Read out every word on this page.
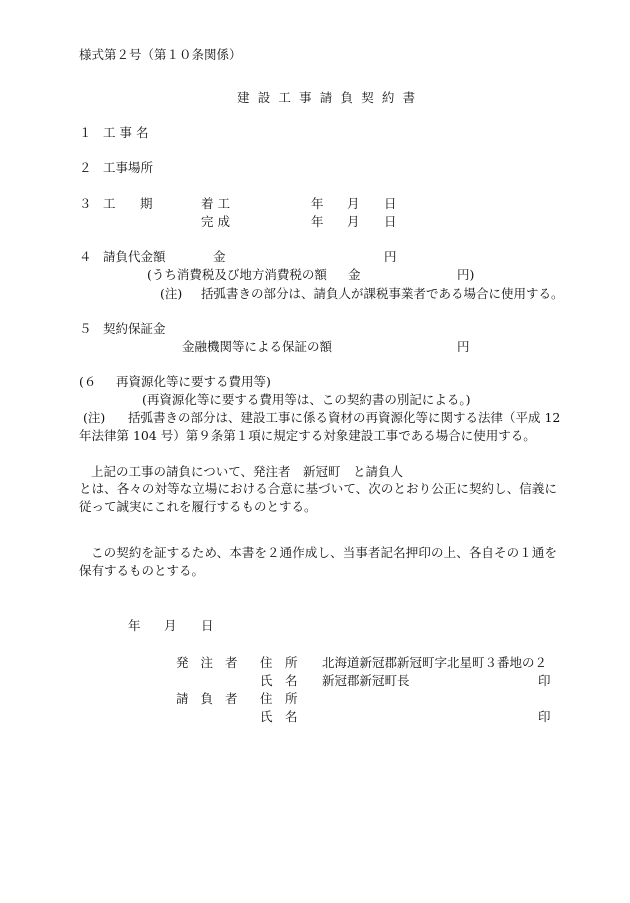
様式第２号（第１０条関係）
建設工事請負契約書
１ 工 事 名
２ 工事場所
３ 工 期	着 工	年 月 日
完 成	年 月 日
４ 請負代金額	金	円
(うち消費税及び地方消費税の額 金	円)
(注) 括弧書きの部分は、請負人が課税事業者である場合に使用する。
５ 契約保証金
金融機関等による保証の額	円
(６ 再資源化等に要する費用等)
(再資源化等に要する費用等は、この契約書の別記による。)
(注) 括弧書きの部分は、建設工事に係る資材の再資源化等に関する法律（平成 12
年法律第 104 号）第９条第１項に規定する対象建設工事である場合に使用する。
上記の工事の請負について、発注者　新冠町　と請負人
とは、各々の対等な立場における合意に基づいて、次のとおり公正に契約し、信義に従って誠実にこれを履行するものとする。
この契約を証するため、本書を２通作成し、当事者記名押印の上、各自その１通を保有するものとする。
年 月 日
発 注 者 住　所 北海道新冠郡新冠町字北星町３番地の２
氏　名 新冠郡新冠町長	印
請 負 者 住　所
氏　名	印
